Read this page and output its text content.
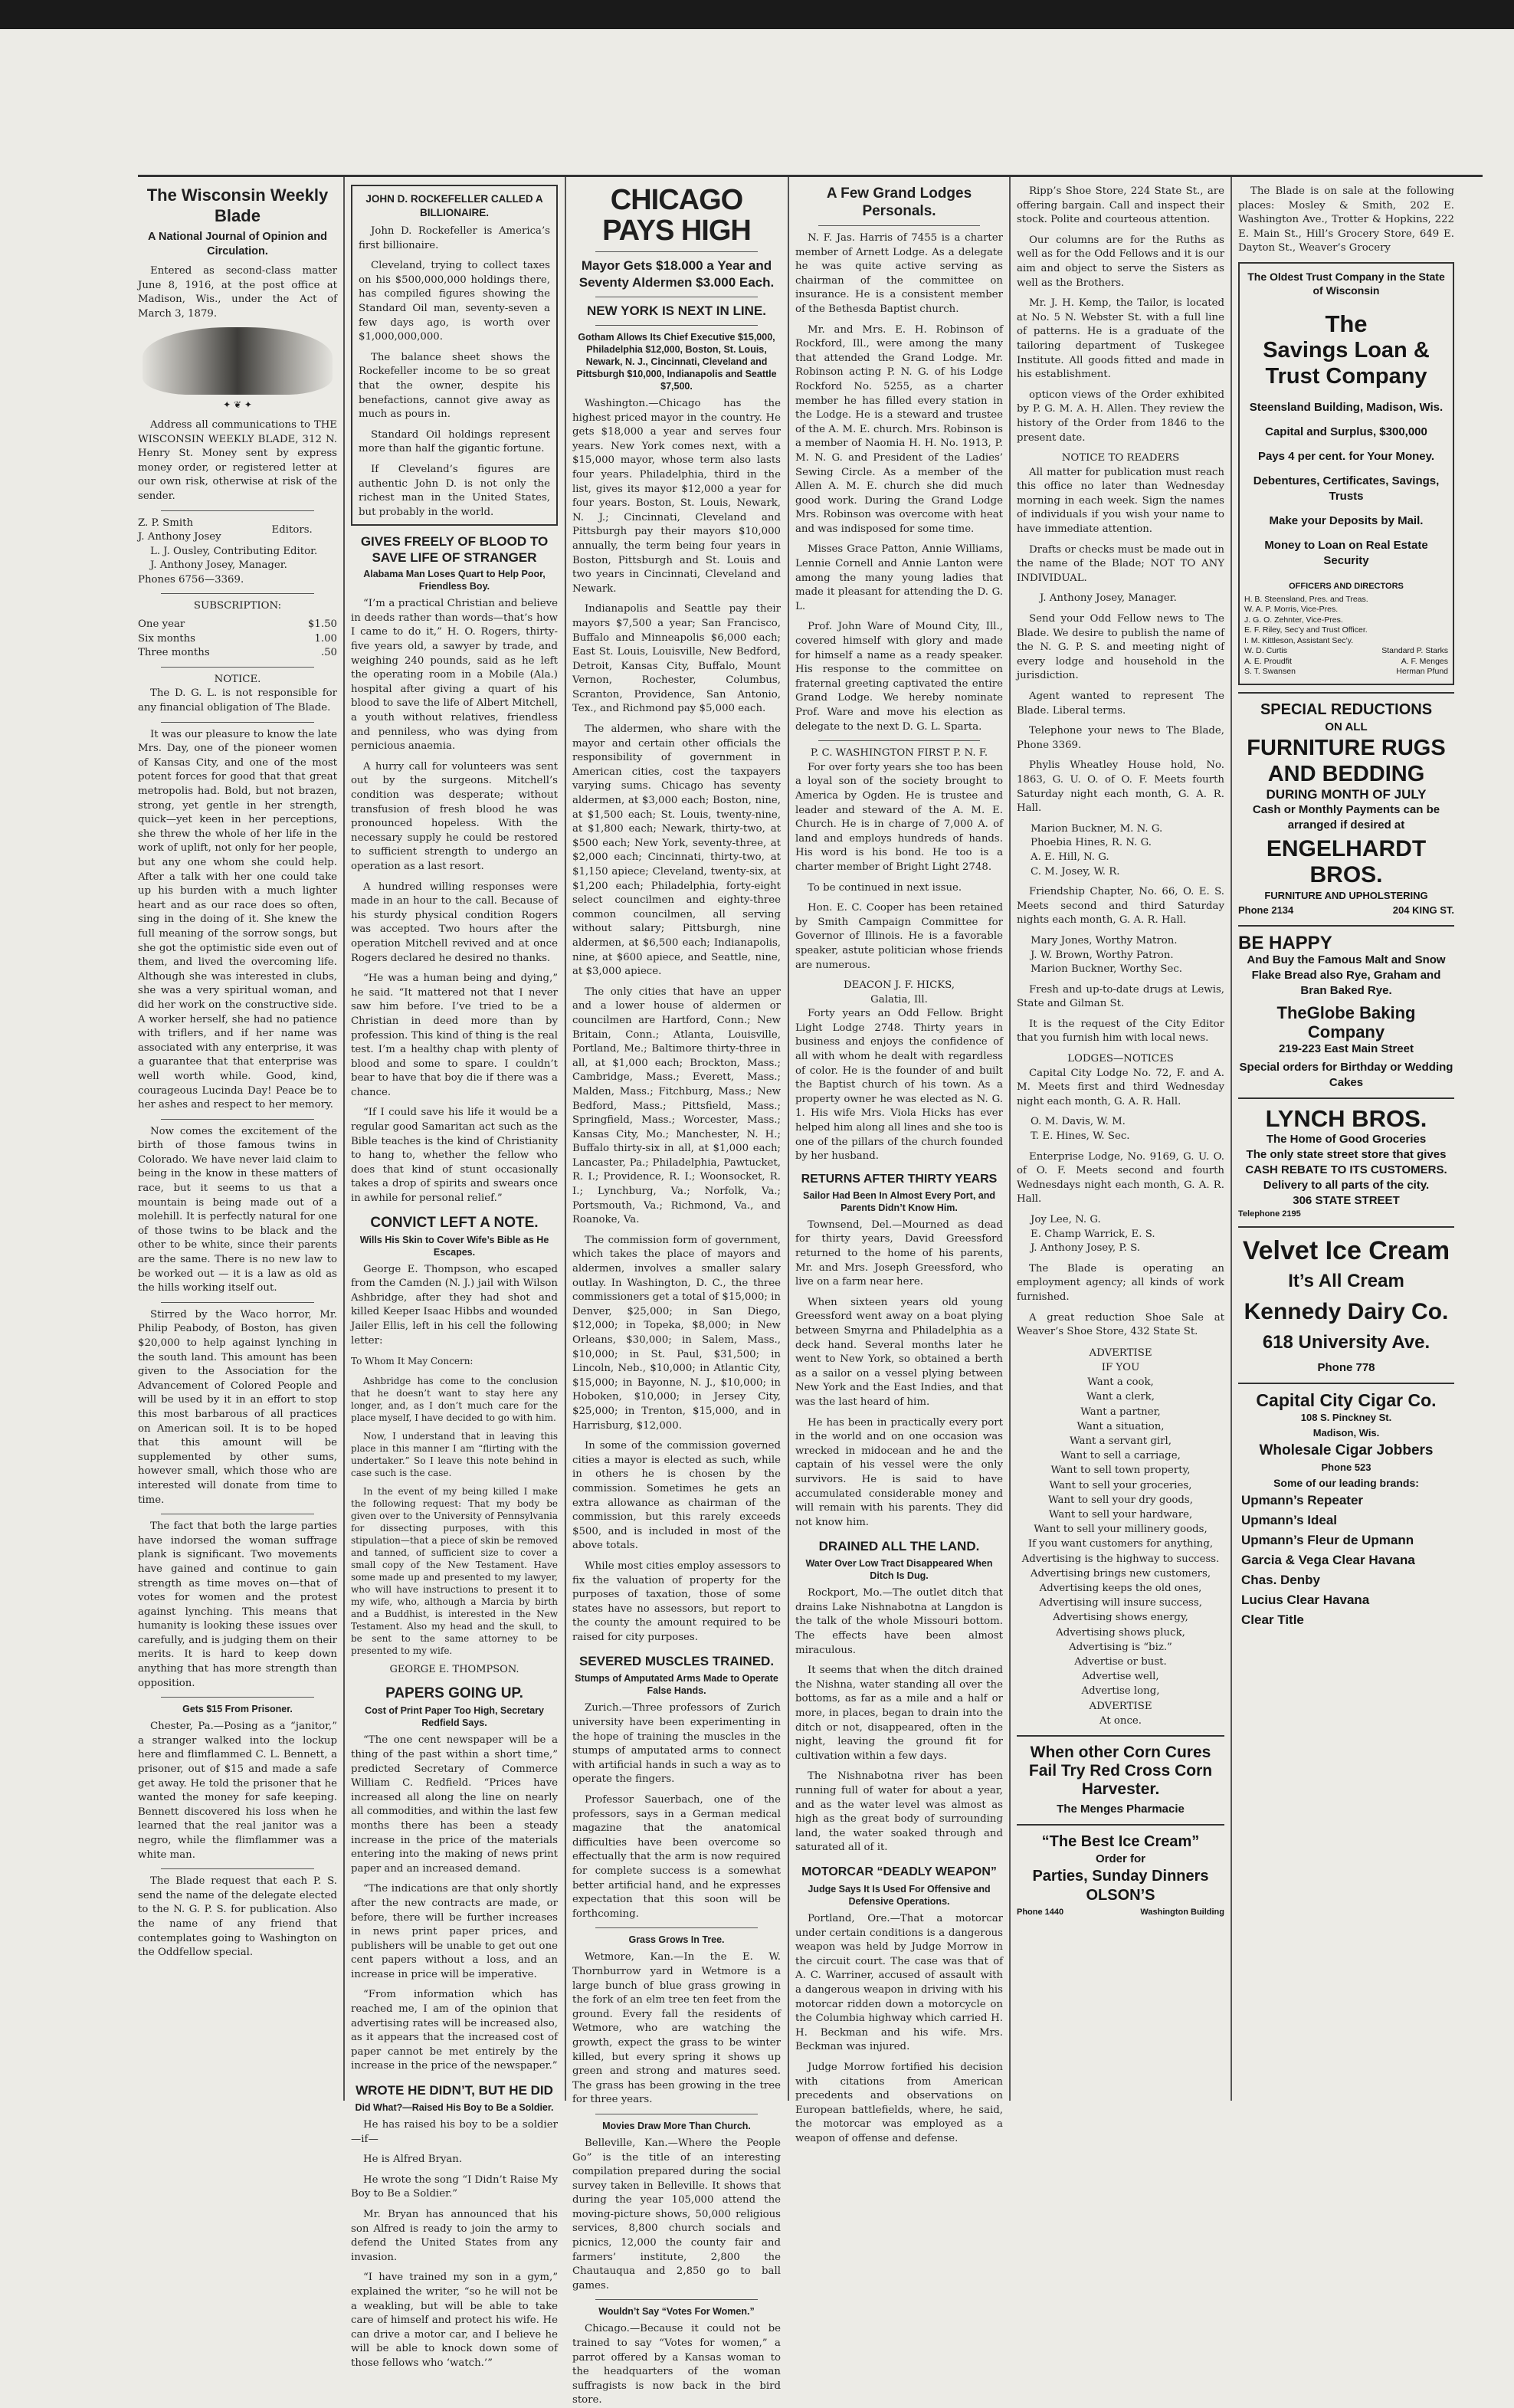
The Wisconsin Weekly Blade
A National Journal of Opinion and Circulation.

Entered as second-class matter June 8, 1916, at the post office at Madison, Wis., under the Act of March 3, 1879.

✦ ❦ ✦

Address all communications to THE WISCONSIN WEEKLY BLADE, 312 N. Henry St. Money sent by express money order, or registered letter at our own risk, otherwise at risk of the sender.

Z. P. Smith	Editors.
J. Anthony Josey
L. J. Ousley, Contributing Editor.
J. Anthony Josey, Manager.
Phones 6756—3369.
SUBSCRIPTION:
One year	$1.50
Six months	1.00
Three months	.50
NOTICE.

The D. G. L. is not responsible for any financial obligation of The Blade.

It was our pleasure to know the late Mrs. Day, one of the pioneer women of Kansas City, and one of the most potent forces for good that that great metropolis had. Bold, but not brazen, strong, yet gentle in her strength, quick—yet keen in her perceptions, she threw the whole of her life in the work of uplift, not only for her people, but any one whom she could help. After a talk with her one could take up his burden with a much lighter heart and as our race does so often, sing in the doing of it. She knew the full meaning of the sorrow songs, but she got the optimistic side even out of them, and lived the overcoming life. Although she was interested in clubs, she was a very spiritual woman, and did her work on the constructive side. A worker herself, she had no patience with triflers, and if her name was associated with any enterprise, it was a guarantee that that enterprise was well worth while. Good, kind, courageous Lucinda Day! Peace be to her ashes and respect to her memory.

Now comes the excitement of the birth of those famous twins in Colorado. We have never laid claim to being in the know in these matters of race, but it seems to us that a mountain is being made out of a molehill. It is perfectly natural for one of those twins to be black and the other to be white, since their parents are the same. There is no new law to be worked out — it is a law as old as the hills working itself out.

Stirred by the Waco horror, Mr. Philip Peabody, of Boston, has given $20,000 to help against lynching in the south land. This amount has been given to the Association for the Advancement of Colored People and will be used by it in an effort to stop this most barbarous of all practices on American soil. It is to be hoped that this amount will be supplemented by other sums, however small, which those who are interested will donate from time to time.

The fact that both the large parties have indorsed the woman suffrage plank is significant. Two movements have gained and continue to gain strength as time moves on—that of votes for women and the protest against lynching. This means that humanity is looking these issues over carefully, and is judging them on their merits. It is hard to keep down anything that has more strength than opposition.

Gets $15 From Prisoner.

Chester, Pa.—Posing as a “janitor,” a stranger walked into the lockup here and flimflammed C. L. Bennett, a prisoner, out of $15 and made a safe get away. He told the prisoner that he wanted the money for safe keeping. Bennett discovered his loss when he learned that the real janitor was a negro, while the flimflammer was a white man.

The Blade request that each P. S. send the name of the delegate elected to the N. G. P. S. for publication. Also the name of any friend that contemplates going to Washington on the Oddfellow special.

JOHN D. ROCKEFELLER CALLED A BILLIONAIRE.

John D. Rockefeller is America’s first billionaire.

Cleveland, trying to collect taxes on his $500,000,000 holdings there, has compiled figures showing the Standard Oil man, seventy-seven a few days ago, is worth over $1,000,000,000.

The balance sheet shows the Rockefeller income to be so great that the owner, despite his benefactions, cannot give away as much as pours in.

Standard Oil holdings represent more than half the gigantic fortune.

If Cleveland’s figures are authentic John D. is not only the richest man in the United States, but probably in the world.

GIVES FREELY OF BLOOD TO SAVE LIFE OF STRANGER
Alabama Man Loses Quart to Help Poor, Friendless Boy.

“I’m a practical Christian and believe in deeds rather than words—that’s how I came to do it,” H. O. Rogers, thirty-five years old, a sawyer by trade, and weighing 240 pounds, said as he left the operating room in a Mobile (Ala.) hospital after giving a quart of his blood to save the life of Albert Mitchell, a youth without relatives, friendless and penniless, who was dying from pernicious anaemia.

A hurry call for volunteers was sent out by the surgeons. Mitchell’s condition was desperate; without transfusion of fresh blood he was pronounced hopeless. With the necessary supply he could be restored to sufficient strength to undergo an operation as a last resort.

A hundred willing responses were made in an hour to the call. Because of his sturdy physical condition Rogers was accepted. Two hours after the operation Mitchell revived and at once Rogers declared he desired no thanks.

“He was a human being and dying,” he said. “It mattered not that I never saw him before. I’ve tried to be a Christian in deed more than by profession. This kind of thing is the real test. I’m a healthy chap with plenty of blood and some to spare. I couldn’t bear to have that boy die if there was a chance.

“If I could save his life it would be a regular good Samaritan act such as the Bible teaches is the kind of Christianity to hang to, whether the fellow who does that kind of stunt occasionally takes a drop of spirits and swears once in awhile for personal relief.”

CONVICT LEFT A NOTE.
Wills His Skin to Cover Wife’s Bible as He Escapes.

George E. Thompson, who escaped from the Camden (N. J.) jail with Wilson Ashbridge, after they had shot and killed Keeper Isaac Hibbs and wounded Jailer Ellis, left in his cell the following letter:

To Whom It May Concern:

Ashbridge has come to the conclusion that he doesn’t want to stay here any longer, and, as I don’t much care for the place myself, I have decided to go with him.

Now, I understand that in leaving this place in this manner I am “flirting with the undertaker.” So I leave this note behind in case such is the case.

In the event of my being killed I make the following request: That my body be given over to the University of Pennsylvania for dissecting purposes, with this stipulation—that a piece of skin be removed and tanned, of sufficient size to cover a small copy of the New Testament. Have some made up and presented to my lawyer, who will have instructions to present it to my wife, who, although a Marcia by birth and a Buddhist, is interested in the New Testament. Also my head and the skull, to be sent to the same attorney to be presented to my wife.

GEORGE E. THOMPSON.
PAPERS GOING UP.
Cost of Print Paper Too High, Secretary Redfield Says.

“The one cent newspaper will be a thing of the past within a short time,” predicted Secretary of Commerce William C. Redfield. “Prices have increased all along the line on nearly all commodities, and within the last few months there has been a steady increase in the price of the materials entering into the making of news print paper and an increased demand.

“The indications are that only shortly after the new contracts are made, or before, there will be further increases in news print paper prices, and publishers will be unable to get out one cent papers without a loss, and an increase in price will be imperative.

“From information which has reached me, I am of the opinion that advertising rates will be increased also, as it appears that the increased cost of paper cannot be met entirely by the increase in the price of the newspaper.”

WROTE HE DIDN’T, BUT HE DID
Did What?—Raised His Boy to Be a Soldier.

He has raised his boy to be a soldier—if—

He is Alfred Bryan.

He wrote the song “I Didn’t Raise My Boy to Be a Soldier.”

Mr. Bryan has announced that his son Alfred is ready to join the army to defend the United States from any invasion.

“I have trained my son in a gym,” explained the writer, “so he will not be a weakling, but will be able to take care of himself and protect his wife. He can drive a motor car, and I believe he will be able to knock down some of those fellows who ‘watch.’”

CHICAGO PAYS HIGH
Mayor Gets $18.000 a Year and Seventy Aldermen $3.000 Each.
NEW YORK IS NEXT IN LINE.
Gotham Allows Its Chief Executive $15,000, Philadelphia $12,000, Boston, St. Louis, Newark, N. J., Cincinnati, Cleveland and Pittsburgh $10,000, Indianapolis and Seattle $7,500.

Washington.—Chicago has the highest priced mayor in the country. He gets $18,000 a year and serves four years. New York comes next, with a $15,000 mayor, whose term also lasts four years. Philadelphia, third in the list, gives its mayor $12,000 a year for four years. Boston, St. Louis, Newark, N. J.; Cincinnati, Cleveland and Pittsburgh pay their mayors $10,000 annually, the term being four years in Boston, Pittsburgh and St. Louis and two years in Cincinnati, Cleveland and Newark.

Indianapolis and Seattle pay their mayors $7,500 a year; San Francisco, Buffalo and Minneapolis $6,000 each; East St. Louis, Louisville, New Bedford, Detroit, Kansas City, Buffalo, Mount Vernon, Rochester, Columbus, Scranton, Providence, San Antonio, Tex., and Richmond pay $5,000 each.

The aldermen, who share with the mayor and certain other officials the responsibility of government in American cities, cost the taxpayers varying sums. Chicago has seventy aldermen, at $3,000 each; Boston, nine, at $1,500 each; St. Louis, twenty-nine, at $1,800 each; Newark, thirty-two, at $500 each; New York, seventy-three, at $2,000 each; Cincinnati, thirty-two, at $1,150 apiece; Cleveland, twenty-six, at $1,200 each; Philadelphia, forty-eight select councilmen and eighty-three common councilmen, all serving without salary; Pittsburgh, nine aldermen, at $6,500 each; Indianapolis, nine, at $600 apiece, and Seattle, nine, at $3,000 apiece.

The only cities that have an upper and a lower house of aldermen or councilmen are Hartford, Conn.; New Britain, Conn.; Atlanta, Louisville, Portland, Me.; Baltimore thirty-three in all, at $1,000 each; Brockton, Mass.; Cambridge, Mass.; Everett, Mass.; Malden, Mass.; Fitchburg, Mass.; New Bedford, Mass.; Pittsfield, Mass.; Springfield, Mass.; Worcester, Mass.; Kansas City, Mo.; Manchester, N. H.; Buffalo thirty-six in all, at $1,000 each; Lancaster, Pa.; Philadelphia, Pawtucket, R. I.; Providence, R. I.; Woonsocket, R. I.; Lynchburg, Va.; Norfolk, Va.; Portsmouth, Va.; Richmond, Va., and Roanoke, Va.

The commission form of government, which takes the place of mayors and aldermen, involves a smaller salary outlay. In Washington, D. C., the three commissioners get a total of $15,000; in Denver, $25,000; in San Diego, $12,000; in Topeka, $8,000; in New Orleans, $30,000; in Salem, Mass., $10,000; in St. Paul, $31,500; in Lincoln, Neb., $10,000; in Atlantic City, $15,000; in Bayonne, N. J., $10,000; in Hoboken, $10,000; in Jersey City, $25,000; in Trenton, $15,000, and in Harrisburg, $12,000.

In some of the commission governed cities a mayor is elected as such, while in others he is chosen by the commission. Sometimes he gets an extra allowance as chairman of the commission, but this rarely exceeds $500, and is included in most of the above totals.

While most cities employ assessors to fix the valuation of property for the purposes of taxation, those of some states have no assessors, but report to the county the amount required to be raised for city purposes.

SEVERED MUSCLES TRAINED.
Stumps of Amputated Arms Made to Operate False Hands.

Zurich.—Three professors of Zurich university have been experimenting in the hope of training the muscles in the stumps of amputated arms to connect with artificial hands in such a way as to operate the fingers.

Professor Sauerbach, one of the professors, says in a German medical magazine that the anatomical difficulties have been overcome so effectually that the arm is now required for complete success is a somewhat better artificial hand, and he expresses expectation that this soon will be forthcoming.

Grass Grows In Tree.

Wetmore, Kan.—In the E. W. Thornburrow yard in Wetmore is a large bunch of blue grass growing in the fork of an elm tree ten feet from the ground. Every fall the residents of Wetmore, who are watching the growth, expect the grass to be winter killed, but every spring it shows up green and strong and matures seed. The grass has been growing in the tree for three years.

Movies Draw More Than Church.

Belleville, Kan.—Where the People Go” is the title of an interesting compilation prepared during the social survey taken in Belleville. It shows that during the year 105,000 attend the moving-picture shows, 50,000 religious services, 8,800 church socials and picnics, 12,000 the county fair and farmers’ institute, 2,800 the Chautauqua and 2,850 go to ball games.

Wouldn’t Say “Votes For Women.”

Chicago.—Because it could not be trained to say “Votes for women,” a parrot offered by a Kansas woman to the headquarters of the woman suffragists is now back in the bird store.

A Few Grand Lodges Personals.

N. F. Jas. Harris of 7455 is a charter member of Arnett Lodge. As a delegate he was quite active serving as chairman of the committee on insurance. He is a consistent member of the Bethesda Baptist church.

Mr. and Mrs. E. H. Robinson of Rockford, Ill., were among the many that attended the Grand Lodge. Mr. Robinson acting P. N. G. of his Lodge Rockford No. 5255, as a charter member he has filled every station in the Lodge. He is a steward and trustee of the A. M. E. church. Mrs. Robinson is a member of Naomia H. H. No. 1913, P. M. N. G. and President of the Ladies’ Sewing Circle. As a member of the Allen A. M. E. church she did much good work. During the Grand Lodge Mrs. Robinson was overcome with heat and was indisposed for some time.

Misses Grace Patton, Annie Williams, Lennie Cornell and Annie Lanton were among the many young ladies that made it pleasant for attending the D. G. L.

Prof. John Ware of Mound City, Ill., covered himself with glory and made for himself a name as a ready speaker. His response to the committee on fraternal greeting captivated the entire Grand Lodge. We hereby nominate Prof. Ware and move his election as delegate to the next D. G. L. Sparta.

P. C. WASHINGTON FIRST P. N. F.

For over forty years she too has been a loyal son of the society brought to America by Ogden. He is trustee and leader and steward of the A. M. E. Church. He is in charge of 7,000 A. of land and employs hundreds of hands. His word is his bond. He too is a charter member of Bright Light 2748.

To be continued in next issue.

Hon. E. C. Cooper has been retained by Smith Campaign Committee for Governor of Illinois. He is a favorable speaker, astute politician whose friends are numerous.

DEACON J. F. HICKS,
Galatia, Ill.

Forty years an Odd Fellow. Bright Light Lodge 2748. Thirty years in business and enjoys the confidence of all with whom he dealt with regardless of color. He is the founder of and built the Baptist church of his town. As a property owner he was elected as N. G. 1. His wife Mrs. Viola Hicks has ever helped him along all lines and she too is one of the pillars of the church founded by her husband.

RETURNS AFTER THIRTY YEARS
Sailor Had Been In Almost Every Port, and Parents Didn’t Know Him.

Townsend, Del.—Mourned as dead for thirty years, David Greessford returned to the home of his parents, Mr. and Mrs. Joseph Greessford, who live on a farm near here.

When sixteen years old young Greessford went away on a boat plying between Smyrna and Philadelphia as a deck hand. Several months later he went to New York, so obtained a berth as a sailor on a vessel plying between New York and the East Indies, and that was the last heard of him.

He has been in practically every port in the world and on one occasion was wrecked in midocean and he and the captain of his vessel were the only survivors. He is said to have accumulated considerable money and will remain with his parents. They did not know him.

DRAINED ALL THE LAND.
Water Over Low Tract Disappeared When Ditch Is Dug.

Rockport, Mo.—The outlet ditch that drains Lake Nishnabotna at Langdon is the talk of the whole Missouri bottom. The effects have been almost miraculous.

It seems that when the ditch drained the Nishna, water standing all over the bottoms, as far as a mile and a half or more, in places, began to drain into the ditch or not, disappeared, often in the night, leaving the ground fit for cultivation within a few days.

The Nishnabotna river has been running full of water for about a year, and as the water level was almost as high as the great body of surrounding land, the water soaked through and saturated all of it.

MOTORCAR “DEADLY WEAPON”
Judge Says It Is Used For Offensive and Defensive Operations.

Portland, Ore.—That a motorcar under certain conditions is a dangerous weapon was held by Judge Morrow in the circuit court. The case was that of A. C. Warriner, accused of assault with a dangerous weapon in driving with his motorcar ridden down a motorcycle on the Columbia highway which carried H. H. Beckman and his wife. Mrs. Beckman was injured.

Judge Morrow fortified his decision with citations from American precedents and observations on European battlefields, where, he said, the motorcar was employed as a weapon of offense and defense.

Ripp’s Shoe Store, 224 State St., are offering bargain. Call and inspect their stock. Polite and courteous attention.

Our columns are for the Ruths as well as for the Odd Fellows and it is our aim and object to serve the Sisters as well as the Brothers.

Mr. J. H. Kemp, the Tailor, is located at No. 5 N. Webster St. with a full line of patterns. He is a graduate of the tailoring department of Tuskegee Institute. All goods fitted and made in his establishment.

opticon views of the Order exhibited by P. G. M. A. H. Allen. They review the history of the Order from 1846 to the present date.

NOTICE TO READERS

All matter for publication must reach this office no later than Wednesday morning in each week. Sign the names of individuals if you wish your name to have immediate attention.

Drafts or checks must be made out in the name of the Blade; NOT TO ANY INDIVIDUAL.

J. Anthony Josey, Manager.

Send your Odd Fellow news to The Blade. We desire to publish the name of the N. G. P. S. and meeting night of every lodge and household in the jurisdiction.

Agent wanted to represent The Blade. Liberal terms.

Telephone your news to The Blade, Phone 3369.

Phylis Wheatley House hold, No. 1863, G. U. O. of O. F. Meets fourth Saturday night each month, G. A. R. Hall.

Marion Buckner, M. N. G.
Phoebia Hines, R. N. G.
A. E. Hill, N. G.
C. M. Josey, W. R.

Friendship Chapter, No. 66, O. E. S. Meets second and third Saturday nights each month, G. A. R. Hall.

Mary Jones, Worthy Matron.
J. W. Brown, Worthy Patron.
Marion Buckner, Worthy Sec.

Fresh and up-to-date drugs at Lewis, State and Gilman St.

It is the request of the City Editor that you furnish him with local news.

LODGES—NOTICES

Capital City Lodge No. 72, F. and A. M. Meets first and third Wednesday night each month, G. A. R. Hall.

O. M. Davis, W. M.
T. E. Hines, W. Sec.

Enterprise Lodge, No. 9169, G. U. O. of O. F. Meets second and fourth Wednesdays night each month, G. A. R. Hall.

Joy Lee, N. G.
E. Champ Warrick, E. S.
J. Anthony Josey, P. S.

The Blade is operating an employment agency; all kinds of work furnished.

A great reduction Shoe Sale at Weaver’s Shoe Store, 432 State St.

ADVERTISE
IF YOU
Want a cook,
Want a clerk,
Want a partner,
Want a situation,
Want a servant girl,
Want to sell a carriage,
Want to sell town property,
Want to sell your groceries,
Want to sell your dry goods,
Want to sell your hardware,
Want to sell your millinery goods,
If you want customers for anything,
Advertising is the highway to success.
Advertising brings new customers,
Advertising keeps the old ones,
Advertising will insure success,
Advertising shows energy,
Advertising shows pluck,
Advertising is “biz.”
Advertise or bust.
Advertise well,
Advertise long,
ADVERTISE
At once.
When other Corn Cures Fail Try Red Cross Corn Harvester.
The Menges Pharmacie
“The Best Ice Cream”
Order for
Parties, Sunday Dinners
OLSON’S
Phone 1440	Washington Building

The Blade is on sale at the following places: Mosley & Smith, 202 E. Washington Ave., Trotter & Hopkins, 222 E. Main St., Hill’s Grocery Store, 649 E. Dayton St., Weaver’s Grocery

The Oldest Trust Company in the State of Wisconsin
The
Savings Loan & Trust Company
Steensland Building, Madison, Wis.
Capital and Surplus, $300,000
Pays 4 per cent. for Your Money.
Debentures, Certificates, Savings, Trusts
Make your Deposits by Mail.
Money to Loan on Real Estate Security
OFFICERS AND DIRECTORS
H. B. Steensland, Pres. and Treas.
W. A. P. Morris, Vice-Pres.
J. G. O. Zehnter, Vice-Pres.
E. F. Riley, Sec’y and Trust Officer.
I. M. Kittleson, Assistant Sec’y.
W. D. Curtis	Standard P. Starks
A. E. Proudfit	A. F. Menges
S. T. Swansen	Herman Pfund
SPECIAL REDUCTIONS
ON ALL
FURNITURE RUGS AND BEDDING
DURING MONTH OF JULY
Cash or Monthly Payments can be arranged if desired at
ENGELHARDT BROS.
FURNITURE AND UPHOLSTERING
Phone 2134	204 KING ST.
BE HAPPY
And Buy the Famous Malt and Snow Flake Bread also Rye, Graham and Bran Baked Rye.
TheGlobe Baking Company
219-223 East Main Street
Special orders for Birthday or Wedding Cakes
LYNCH BROS.
The Home of Good Groceries
The only state street store that gives CASH REBATE TO ITS CUSTOMERS.
Delivery to all parts of the city.
306 STATE STREET
Telephone 2195
Velvet Ice Cream
It’s All Cream
Kennedy Dairy Co.
618 University Ave.
Phone 778
Capital City Cigar Co.
108 S. Pinckney St.
Madison, Wis.
Wholesale Cigar Jobbers
Phone 523
Some of our leading brands:
Upmann’s Repeater
Upmann’s Ideal
Upmann’s Fleur de Upmann
Garcia & Vega Clear Havana
Chas. Denby
Lucius Clear Havana
Clear Title
